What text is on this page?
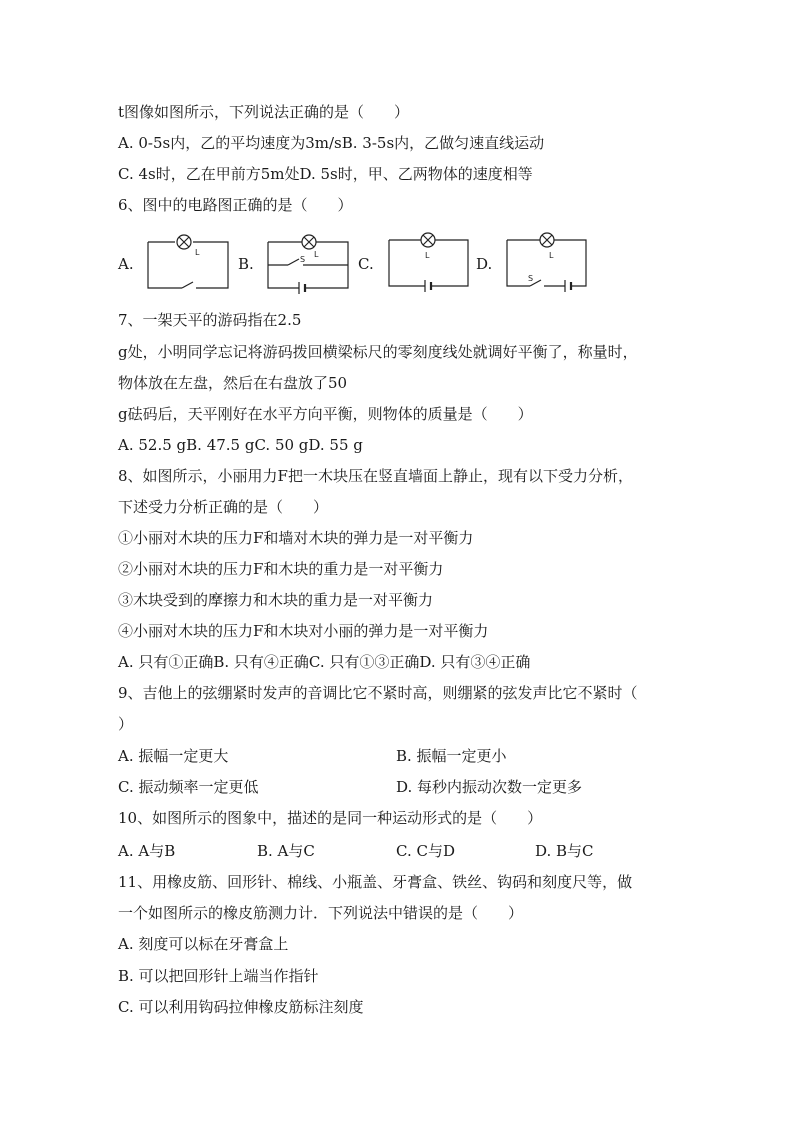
t图像如图所示，下列说法正确的是（　　）
A. 0-5s内，乙的平均速度为3m/sB. 3-5s内，乙做匀速直线运动
C. 4s时，乙在甲前方5m处D. 5s时，甲、乙两物体的速度相等
6、图中的电路图正确的是（　　）
A.	B.	C.	D.
L	L
S	L	L
S
7、一架天平的游码指在2.5
g处，小明同学忘记将游码拨回横梁标尺的零刻度线处就调好平衡了，称量时，
物体放在左盘，然后在右盘放了50
g砝码后，天平刚好在水平方向平衡，则物体的质量是（　　）
A. 52.5 gB. 47.5 gC. 50 gD. 55 g
8、如图所示，小丽用力F把一木块压在竖直墙面上静止，现有以下受力分析，
下述受力分析正确的是（　　）
①小丽对木块的压力F和墙对木块的弹力是一对平衡力
②小丽对木块的压力F和木块的重力是一对平衡力
③木块受到的摩擦力和木块的重力是一对平衡力
④小丽对木块的压力F和木块对小丽的弹力是一对平衡力
A. 只有①正确B. 只有④正确C. 只有①③正确D. 只有③④正确
9、吉他上的弦绷紧时发声的音调比它不紧时高，则绷紧的弦发声比它不紧时（
）
A. 振幅一定更大	B. 振幅一定更小
C. 振动频率一定更低	D. 每秒内振动次数一定更多
10、如图所示的图象中，描述的是同一种运动形式的是（　　）
A. A与B	B. A与C	C. C与D	D. B与C
11、用橡皮筋、回形针、棉线、小瓶盖、牙膏盒、铁丝、钩码和刻度尺等，做
一个如图所示的橡皮筋测力计．下列说法中错误的是（　　）
A. 刻度可以标在牙膏盒上
B. 可以把回形针上端当作指针
C. 可以利用钩码拉伸橡皮筋标注刻度
